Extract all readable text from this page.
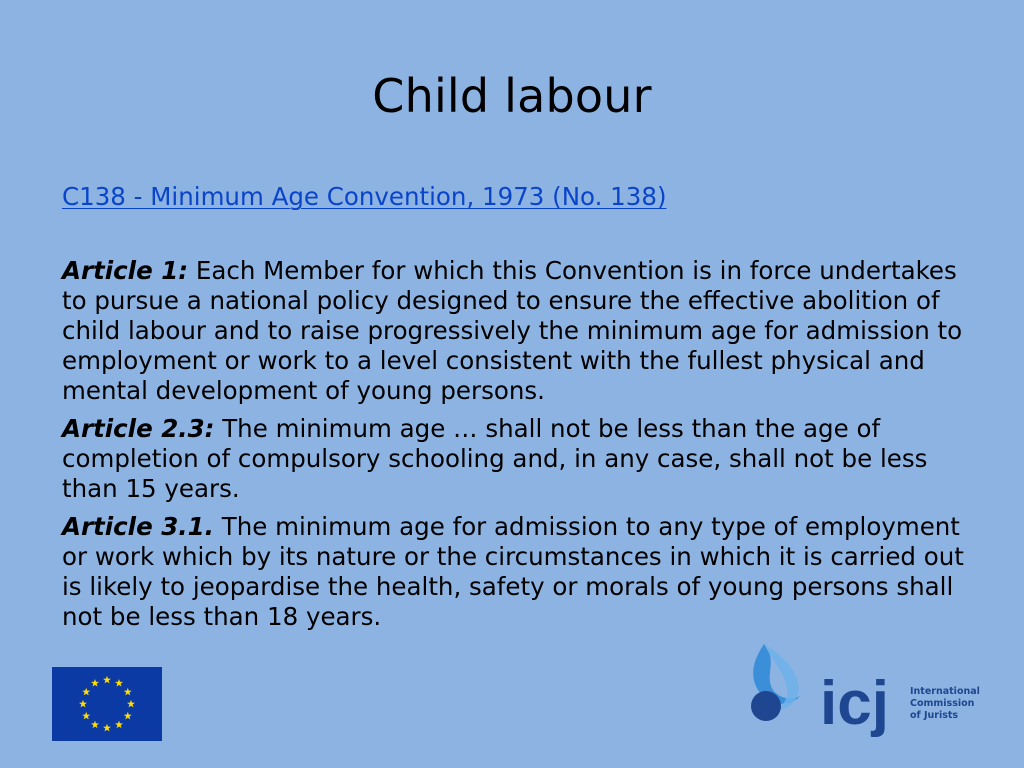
Child labour
C138 - Minimum Age Convention, 1973 (No. 138)

Article 1: Each Member for which this Convention is in force undertakes to pursue a national policy designed to ensure the effective abolition of child labour and to raise progressively the minimum age for admission to employment or work to a level consistent with the fullest physical and mental development of young persons.

Article 2.3: The minimum age … shall not be less than the age of completion of compulsory schooling and, in any case, shall not be less than 15 years.

Article 3.1. The minimum age for admission to any type of employment or work which by its nature or the circumstances in which it is carried out is likely to jeopardise the health, safety or morals of young persons shall not be less than 18 years.

icj International
Commission
of Jurists
